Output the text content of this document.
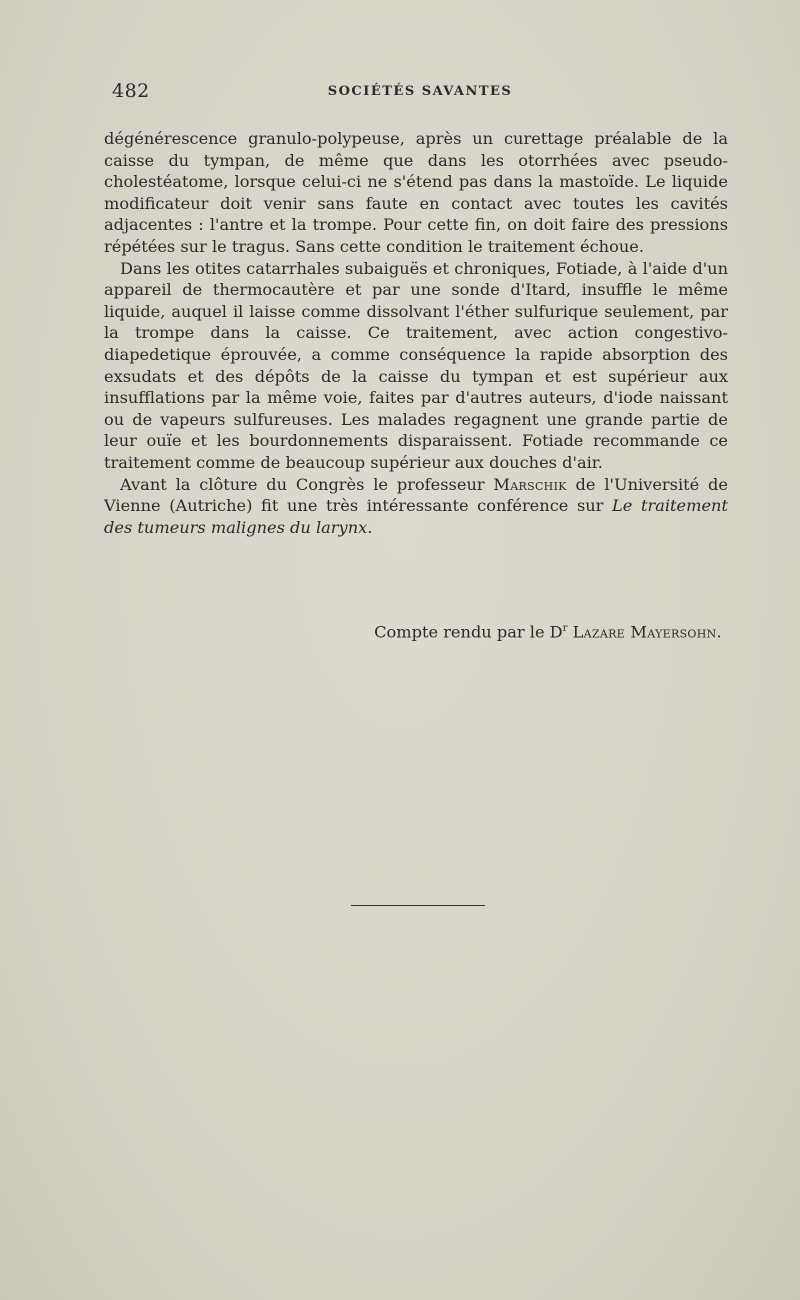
482	SOCIÉTÉS SAVANTES

dégénérescence granulo-polypeuse, après un curettage préalable de la caisse du tympan, de même que dans les otorrhées avec pseudo-cholestéatome, lorsque celui-ci ne s'étend pas dans la mastoïde. Le liquide modificateur doit venir sans faute en contact avec toutes les cavités adjacentes : l'antre et la trompe. Pour cette fin, on doit faire des pressions répétées sur le tragus. Sans cette condition le traitement échoue.

Dans les otites catarrhales subaiguës et chroniques, Fotiade, à l'aide d'un appareil de thermocautère et par une sonde d'Itard, insuffle le même liquide, auquel il laisse comme dissolvant l'éther sulfurique seulement, par la trompe dans la caisse. Ce traitement, avec action congestivo-diapedetique éprouvée, a comme conséquence la rapide absorption des exsudats et des dépôts de la caisse du tympan et est supérieur aux insufflations par la même voie, faites par d'autres auteurs, d'iode naissant ou de vapeurs sulfureuses. Les malades regagnent une grande partie de leur ouïe et les bourdonnements disparaissent. Fotiade recommande ce traitement comme de beaucoup supérieur aux douches d'air.

Avant la clôture du Congrès le professeur Marschik de l'Université de Vienne (Autriche) fit une très intéressante conférence sur Le traitement des tumeurs malignes du larynx.

Compte rendu par le $D^r$ Lazare Mayersohn.
